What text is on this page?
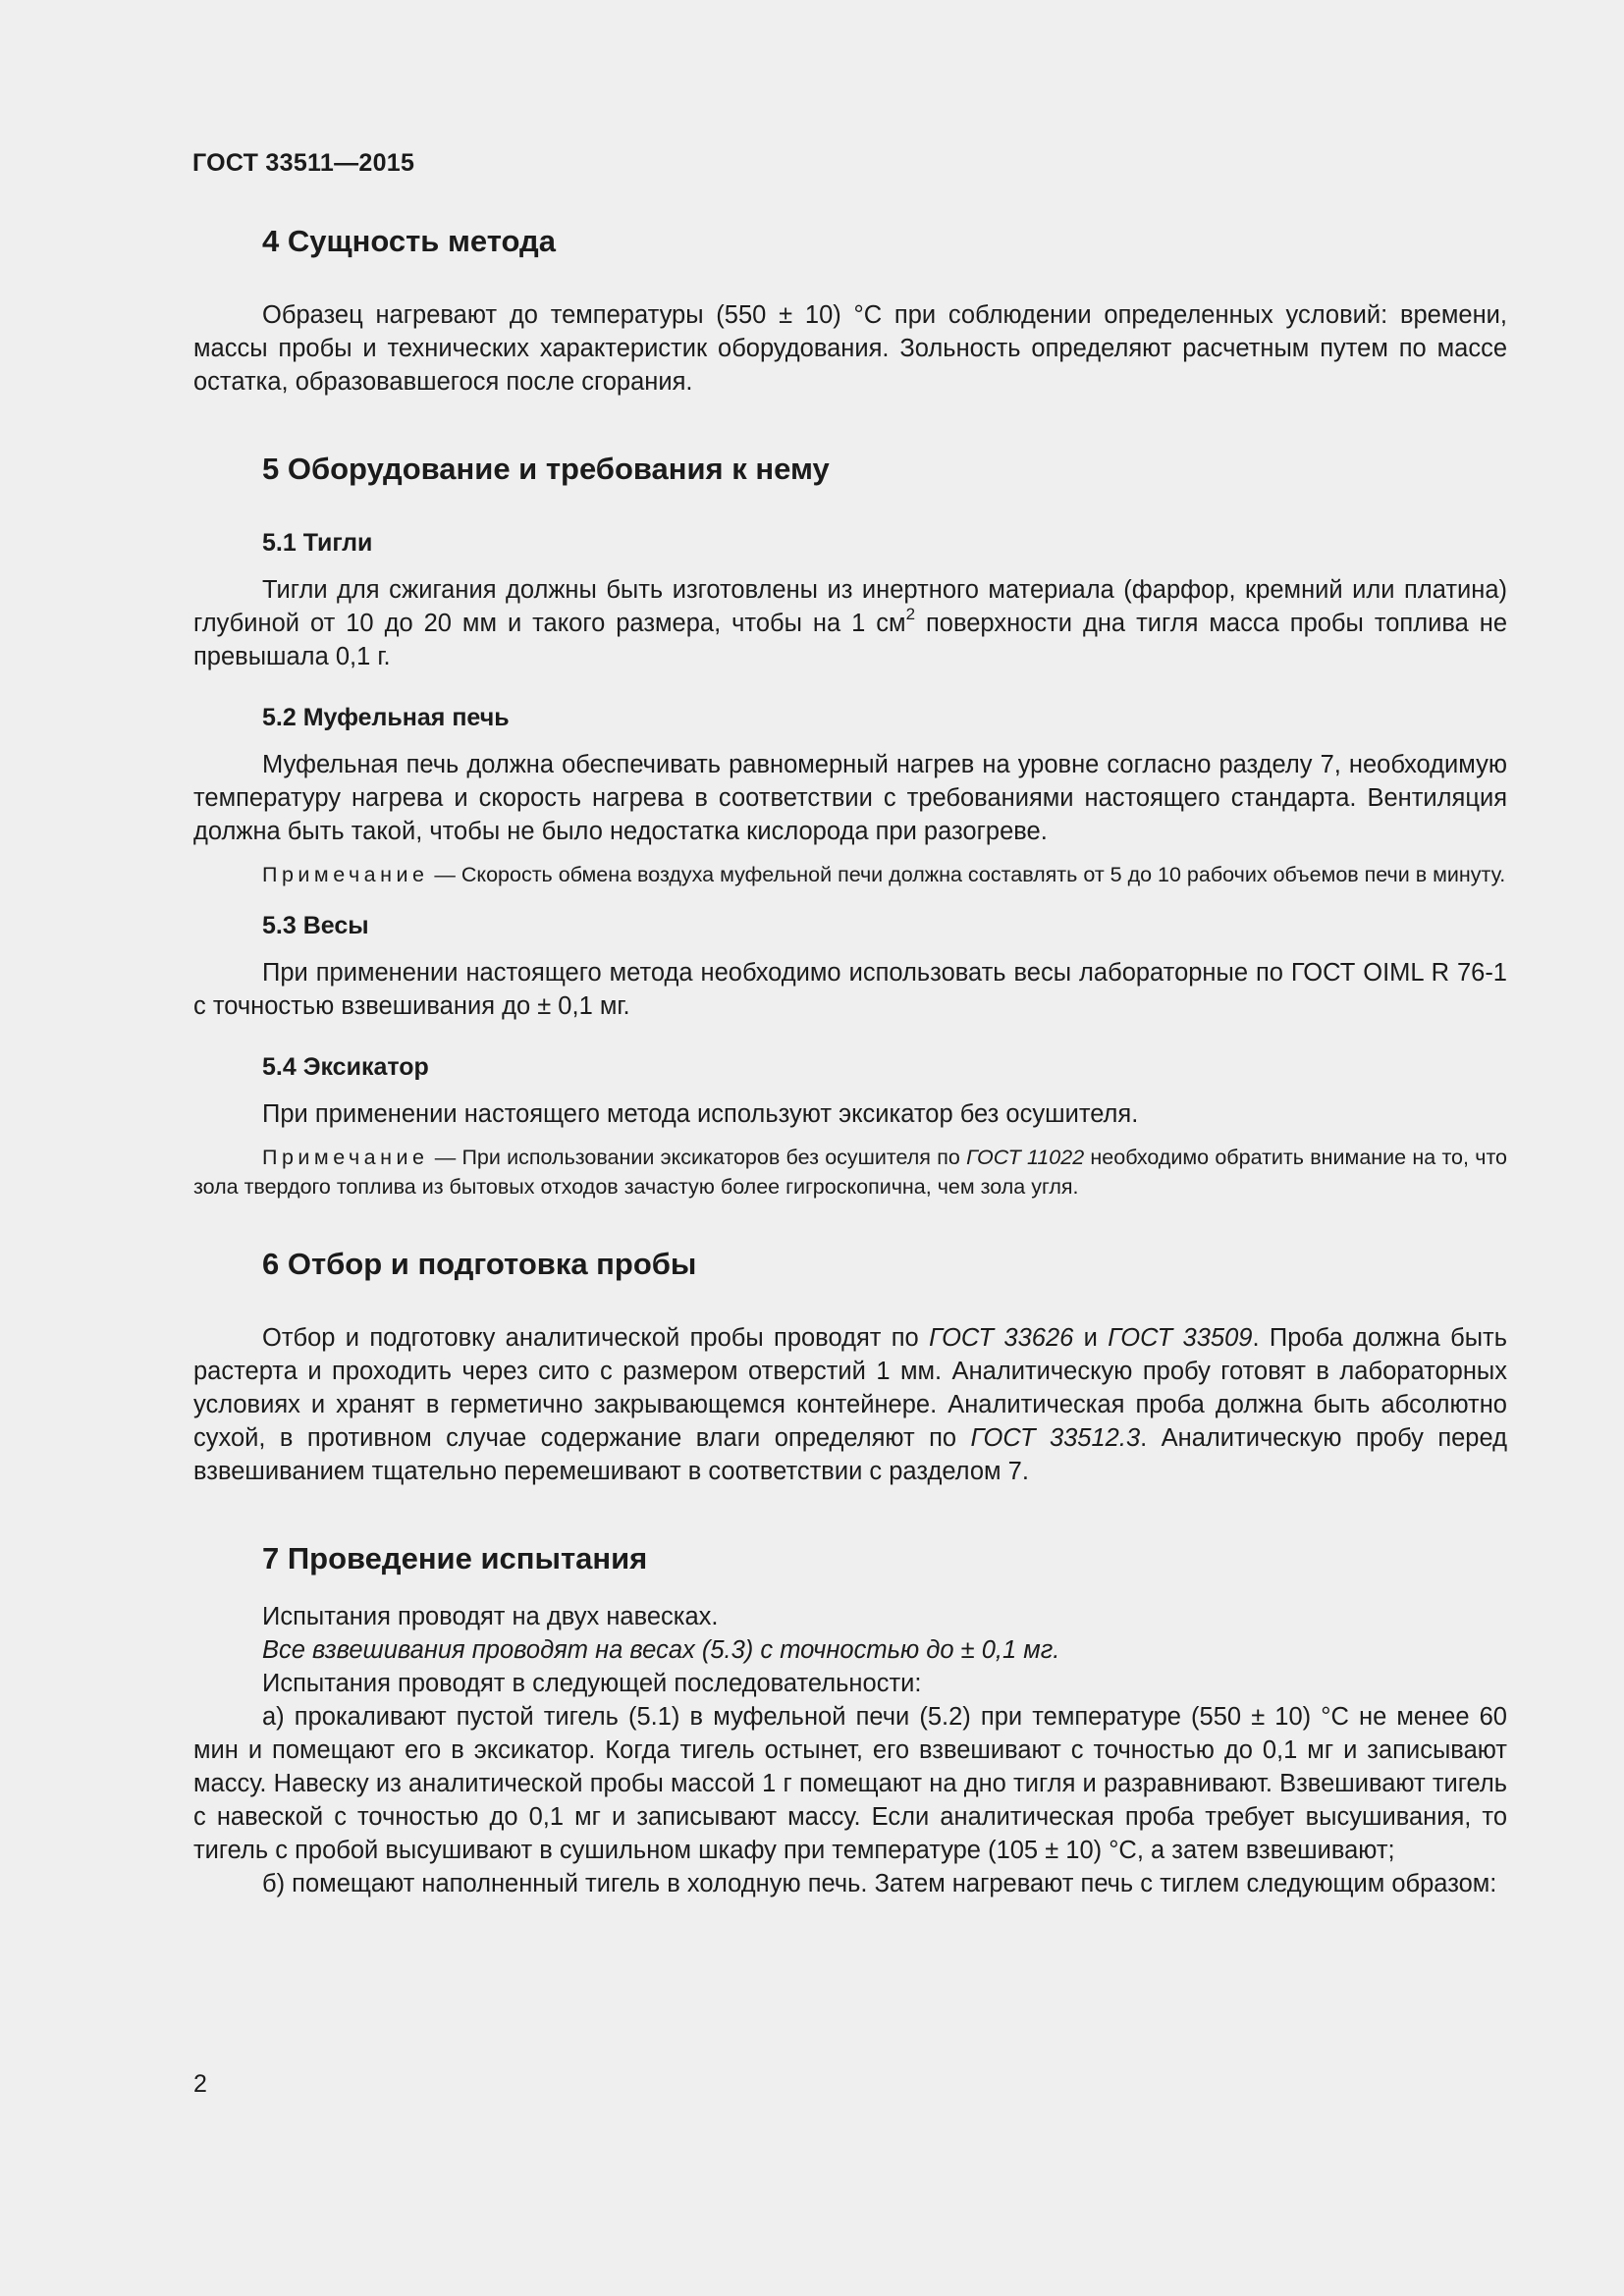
ГОСТ 33511—2015
4 Сущность метода

Образец нагревают до температуры (550 ± 10) °С при соблюдении определенных условий: времени, массы пробы и технических характеристик оборудования. Зольность определяют расчетным путем по массе остатка, образовавшегося после сгорания.

5 Оборудование и требования к нему
5.1 Тигли

Тигли для сжигания должны быть изготовлены из инертного материала (фарфор, кремний или платина) глубиной от 10 до 20 мм и такого размера, чтобы на 1 $см^2$ поверхности дна тигля масса пробы топлива не превышала 0,1 г.

5.2 Муфельная печь

Муфельная печь должна обеспечивать равномерный нагрев на уровне согласно разделу 7, необходимую температуру нагрева и скорость нагрева в соответствии с требованиями настоящего стандарта. Вентиляция должна быть такой, чтобы не было недостатка кислорода при разогреве.

Примечание — Скорость обмена воздуха муфельной печи должна составлять от 5 до 10 рабочих объемов печи в минуту.
5.3 Весы

При применении настоящего метода необходимо использовать весы лабораторные по ГОСТ OIML R 76-1 с точностью взвешивания до ± 0,1 мг.

5.4 Эксикатор

При применении настоящего метода используют эксикатор без осушителя.

Примечание — При использовании эксикаторов без осушителя по ГОСТ 11022 необходимо обратить внимание на то, что зола твердого топлива из бытовых отходов зачастую более гигроскопична, чем зола угля.
6 Отбор и подготовка пробы

Отбор и подготовку аналитической пробы проводят по ГОСТ 33626 и ГОСТ 33509. Проба должна быть растерта и проходить через сито с размером отверстий 1 мм. Аналитическую пробу готовят в лабораторных условиях и хранят в герметично закрывающемся контейнере. Аналитическая проба должна быть абсолютно сухой, в противном случае содержание влаги определяют по ГОСТ 33512.3. Аналитическую пробу перед взвешиванием тщательно перемешивают в соответствии с разделом 7.

7 Проведение испытания

Испытания проводят на двух навесках.

Все взвешивания проводят на весах (5.3) с точностью до ± 0,1 мг.

Испытания проводят в следующей последовательности:

а) прокаливают пустой тигель (5.1) в муфельной печи (5.2) при температуре (550 ± 10) °С не менее 60 мин и помещают его в эксикатор. Когда тигель остынет, его взвешивают с точностью до 0,1 мг и записывают массу. Навеску из аналитической пробы массой 1 г помещают на дно тигля и разравнивают. Взвешивают тигель с навеской с точностью до 0,1 мг и записывают массу. Если аналитическая проба требует высушивания, то тигель с пробой высушивают в сушильном шкафу при температуре (105 ± 10) °С, а затем взвешивают;

б) помещают наполненный тигель в холодную печь. Затем нагревают печь с тиглем следующим образом:

2
